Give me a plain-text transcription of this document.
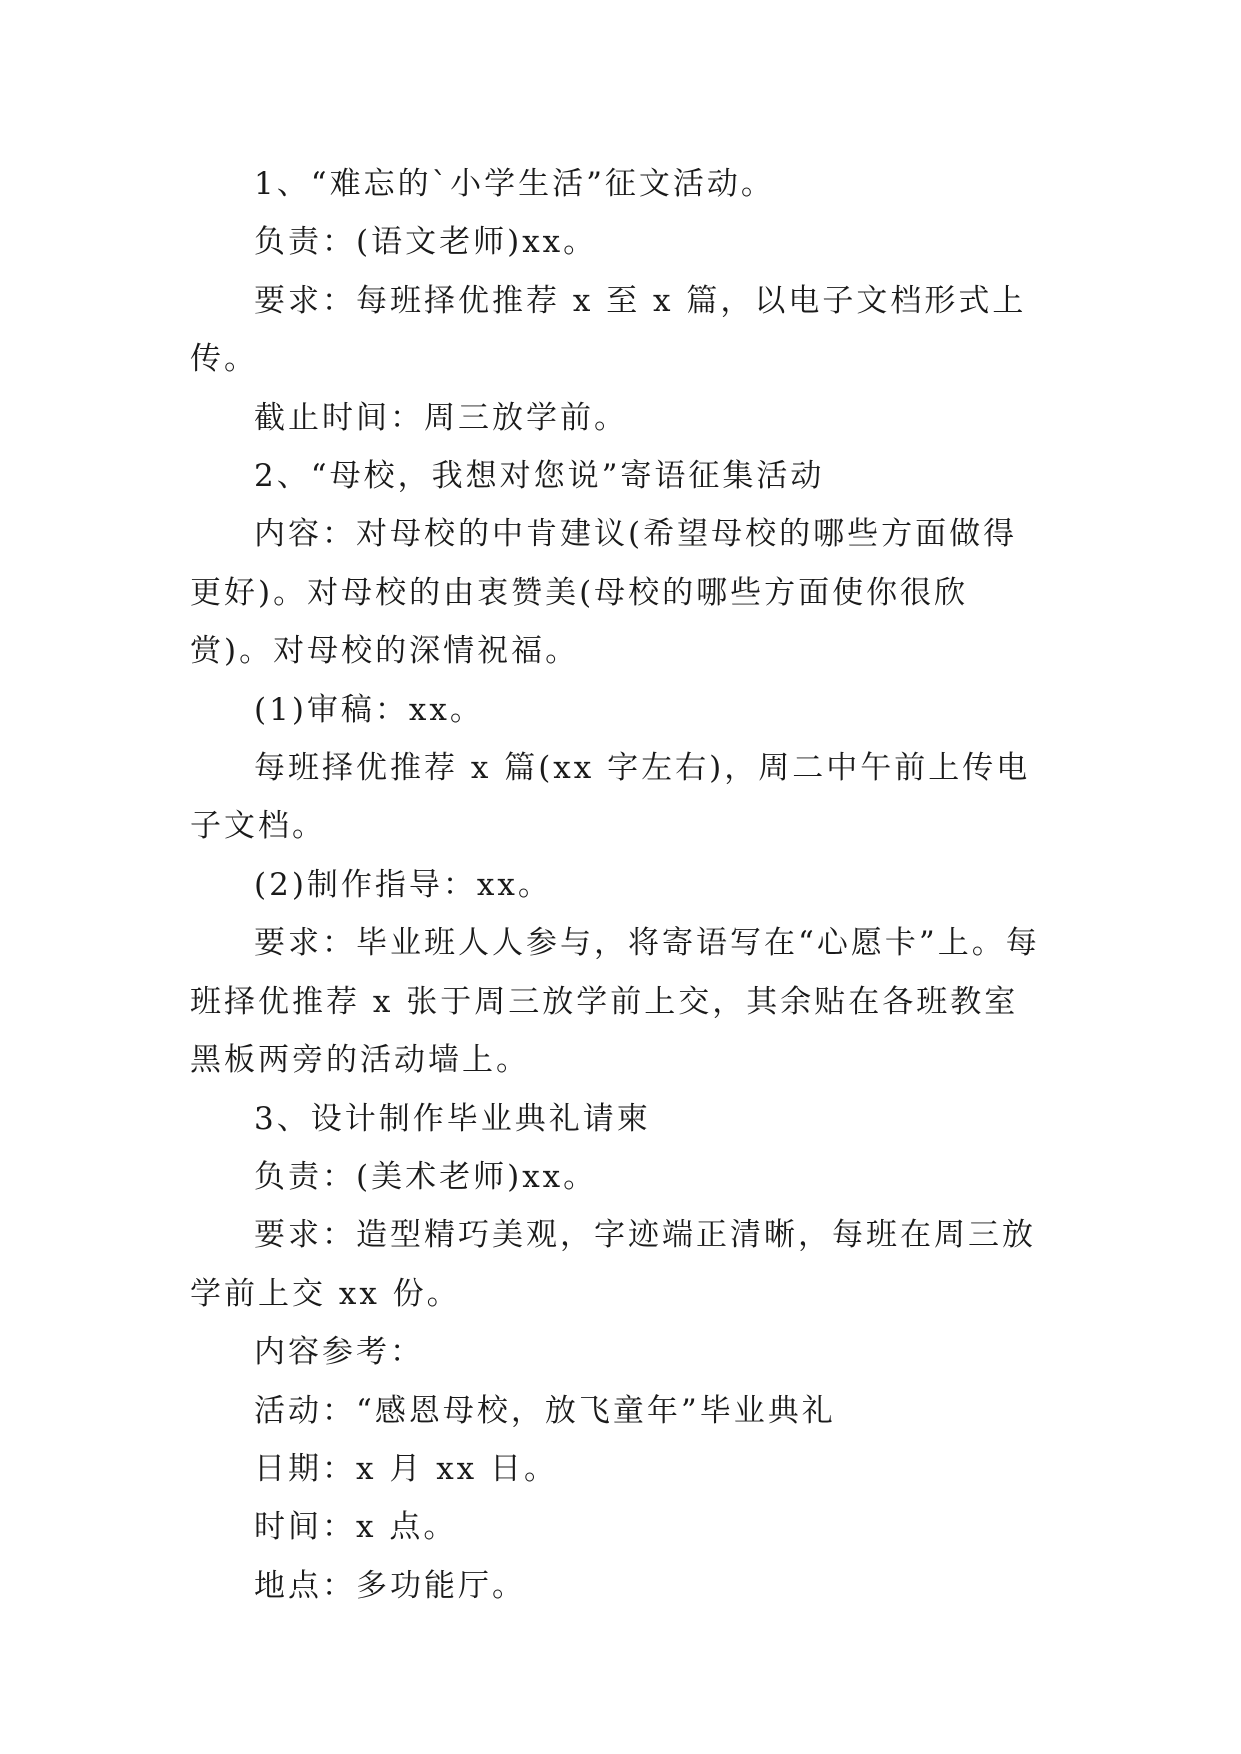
1、“难忘的`小学生活”征文活动。

负责：(语文老师)xx。

要求：每班择优推荐 x 至 x 篇，以电子文档形式上传。

截止时间：周三放学前。

2、“母校，我想对您说”寄语征集活动

内容：对母校的中肯建议(希望母校的哪些方面做得更好)。对母校的由衷赞美(母校的哪些方面使你很欣赏)。对母校的深情祝福。

(1)审稿：xx。

每班择优推荐 x 篇(xx 字左右)，周二中午前上传电子文档。

(2)制作指导：xx。

要求：毕业班人人参与，将寄语写在“心愿卡”上。每班择优推荐 x 张于周三放学前上交，其余贴在各班教室黑板两旁的活动墙上。

3、设计制作毕业典礼请柬

负责：(美术老师)xx。

要求：造型精巧美观，字迹端正清晰，每班在周三放学前上交 xx 份。

内容参考：

活动：“感恩母校，放飞童年”毕业典礼

日期：x 月 xx 日。

时间：x 点。

地点：多功能厅。
